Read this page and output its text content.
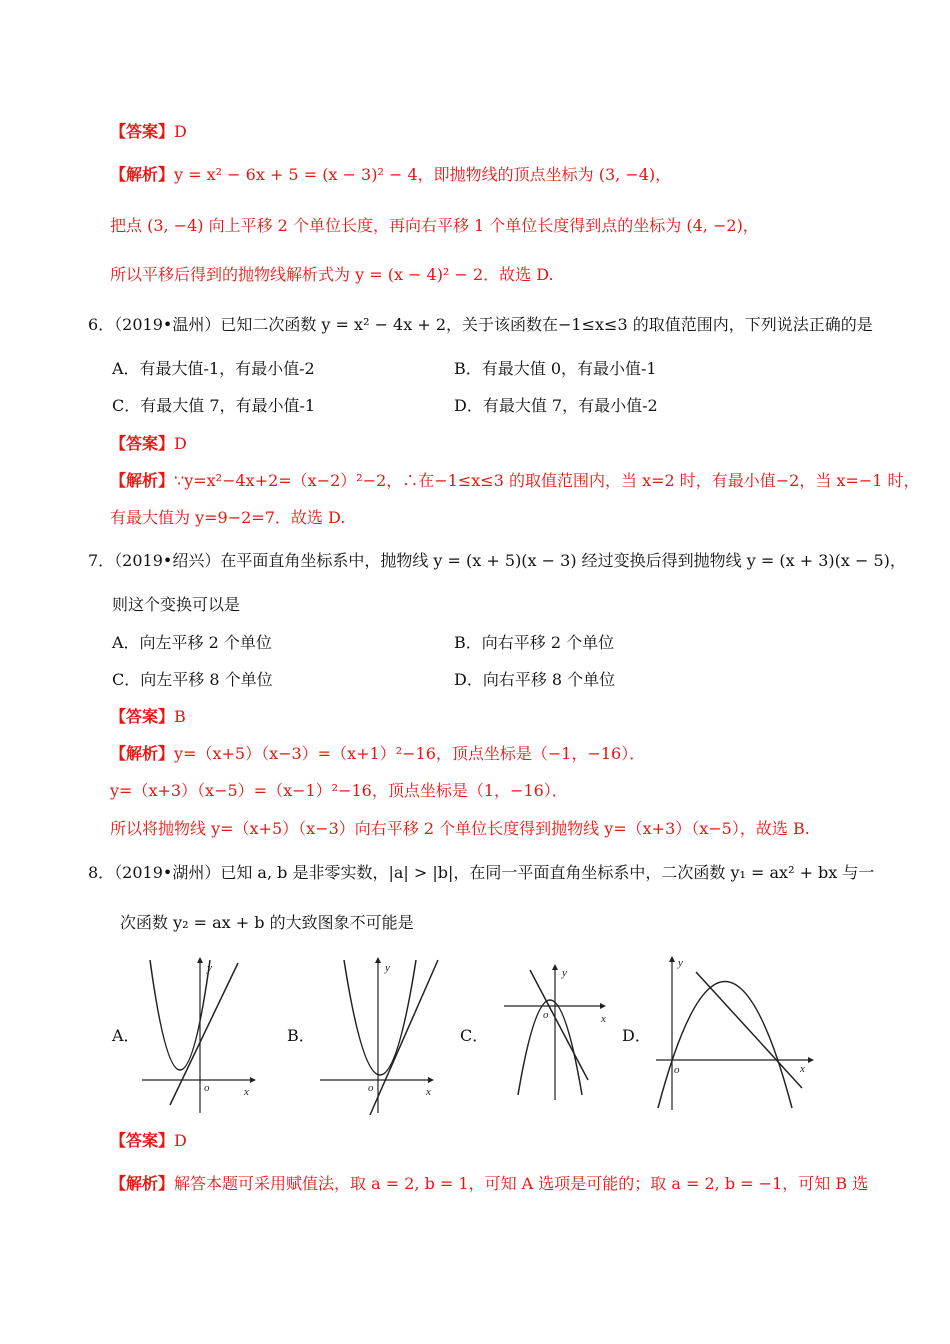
【答案】D
【解析】y = x² − 6x + 5 = (x − 3)² − 4，即抛物线的顶点坐标为 (3, −4)，
把点 (3, −4) 向上平移 2 个单位长度，再向右平移 1 个单位长度得到点的坐标为 (4, −2)，
所以平移后得到的抛物线解析式为 y = (x − 4)² − 2．故选 D.
6．（2019•温州）已知二次函数 y = x² − 4x + 2，关于该函数在−1≤x≤3 的取值范围内，下列说法正确的是
A．有最大值-1，有最小值-2	B．有最大值 0，有最小值-1
C．有最大值 7，有最小值-1	D．有最大值 7，有最小值-2
【答案】D
【解析】∵y=x²−4x+2=（x−2）²−2，∴在−1≤x≤3 的取值范围内，当 x=2 时，有最小值−2，当 x=−1 时，
有最大值为 y=9−2=7．故选 D.
7．（2019•绍兴）在平面直角坐标系中，抛物线 y = (x + 5)(x − 3) 经过变换后得到抛物线 y = (x + 3)(x − 5)，
则这个变换可以是
A．向左平移 2 个单位	B．向右平移 2 个单位
C．向左平移 8 个单位	D．向右平移 8 个单位
【答案】B
【解析】y=（x+5）（x−3）=（x+1）²−16，顶点坐标是（−1，−16）．
y=（x+3）（x−5）=（x−1）²−16，顶点坐标是（1，−16）．
所以将抛物线 y=（x+5）（x−3）向右平移 2 个单位长度得到抛物线 y=（x+3）（x−5），故选 B.
8．（2019•湖州）已知 a, b 是非零实数，|a| > |b|，在同一平面直角坐标系中，二次函数 y₁ = ax² + bx 与一
次函数 y₂ = ax + b 的大致图象不可能是
A．
y
x
o
B．
y
x
o
C．
y
x
o
D．
y
x
o
【答案】D
【解析】解答本题可采用赋值法，取 a = 2, b = 1，可知 A 选项是可能的；取 a = 2, b = −1，可知 B 选
